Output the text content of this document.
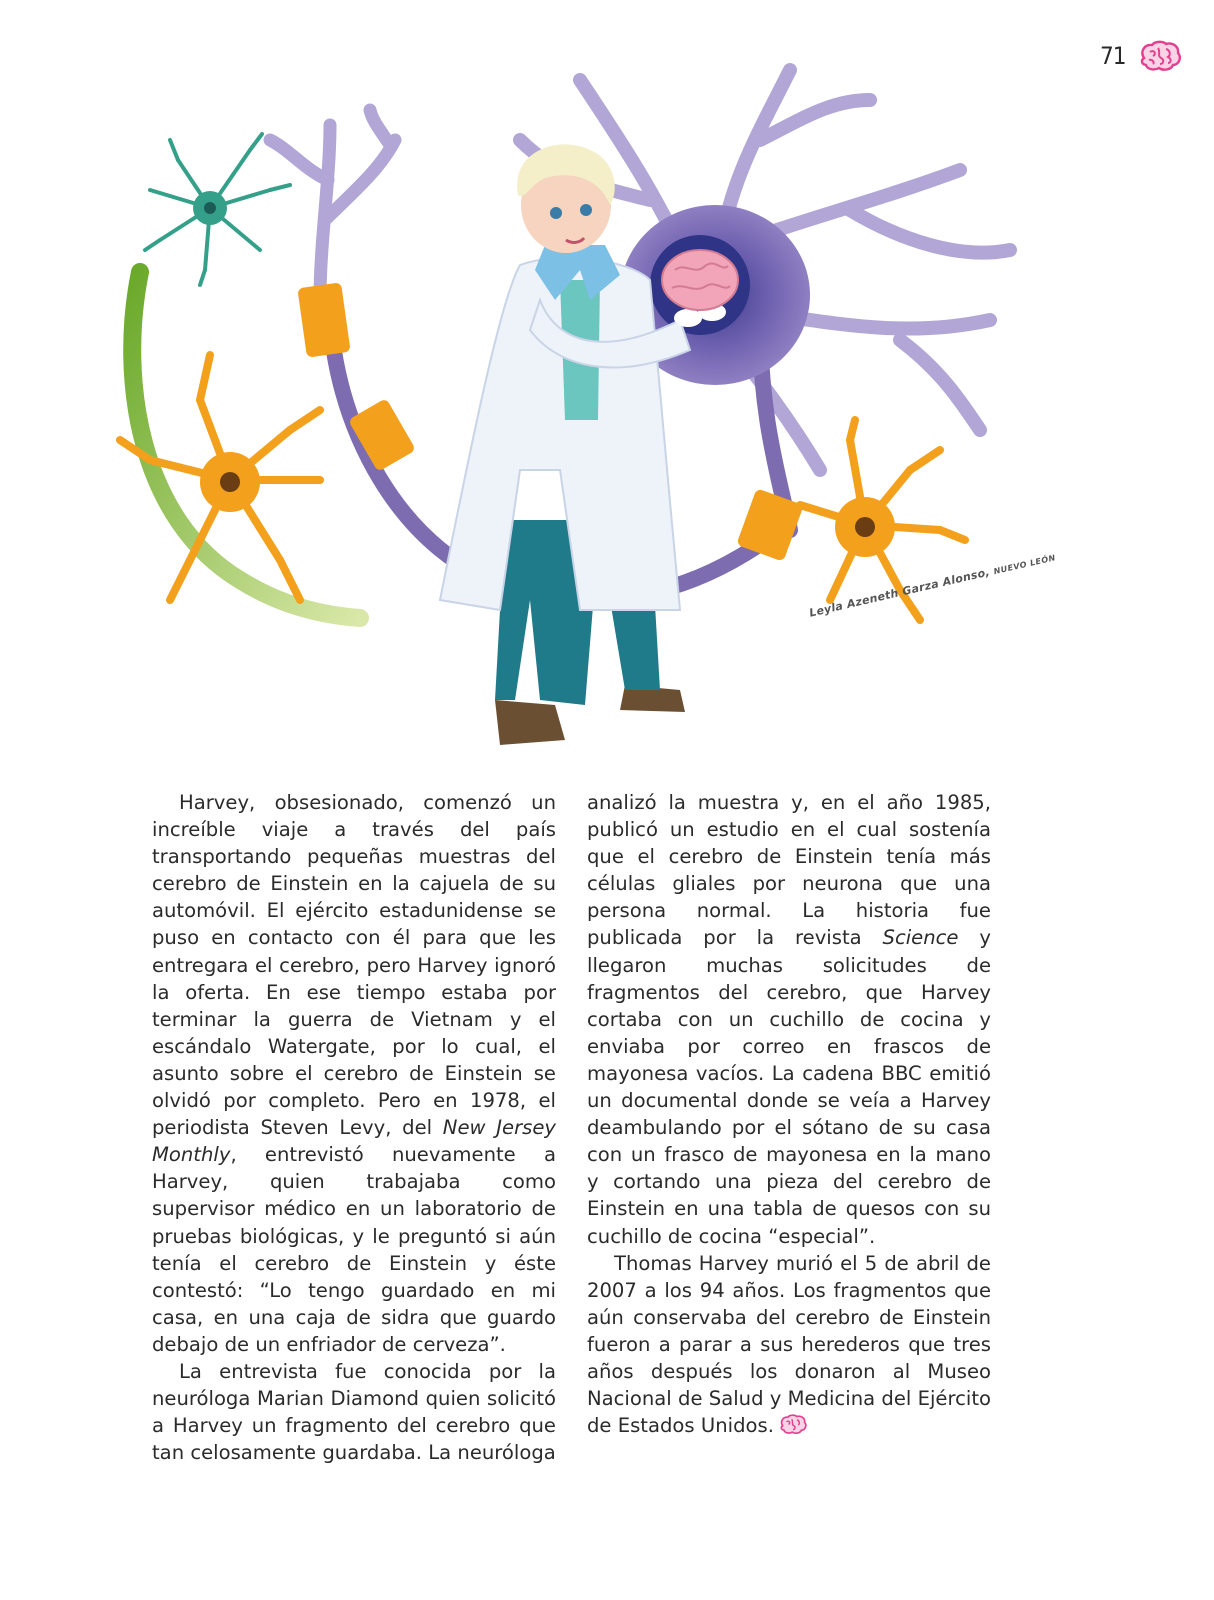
71
Leyla Azeneth Garza Alonso, NUEVO LEÓN

Harvey, obsesionado, comenzó un increíble viaje a través del país transportando pequeñas muestras del cerebro de Einstein en la cajuela de su automóvil. El ejército estadunidense se puso en contacto con él para que les entregara el cerebro, pero Harvey ignoró la oferta. En ese tiempo estaba por terminar la guerra de Vietnam y el escándalo Watergate, por lo cual, el asunto sobre el cerebro de Einstein se olvidó por completo. Pero en 1978, el periodista Steven Levy, del New Jersey Monthly, entrevistó nuevamente a Harvey, quien trabajaba como supervisor médico en un laboratorio de pruebas biológicas, y le preguntó si aún tenía el cerebro de Einstein y éste contestó: “Lo tengo guardado en mi casa, en una caja de sidra que guardo debajo de un enfriador de cerveza”.

La entrevista fue conocida por la neuróloga Marian Diamond quien solicitó a Harvey un fragmento del cerebro que tan celosamente guardaba. La neuróloga

analizó la muestra y, en el año 1985, publicó un estudio en el cual sostenía que el cerebro de Einstein tenía más células gliales por neurona que una persona normal. La historia fue publicada por la revista Science y llegaron muchas solicitudes de fragmentos del cerebro, que Harvey cortaba con un cuchillo de cocina y enviaba por correo en frascos de mayonesa vacíos. La cadena BBC emitió un documental donde se veía a Harvey deambulando por el sótano de su casa con un frasco de mayonesa en la mano y cortando una pieza del cerebro de Einstein en una tabla de quesos con su cuchillo de cocina “especial”.

Thomas Harvey murió el 5 de abril de 2007 a los 94 años. Los fragmentos que aún conservaba del cerebro de Einstein fueron a parar a sus herederos que tres años después los donaron al Museo Nacional de Salud y Medicina del Ejército de Estados Unidos.
